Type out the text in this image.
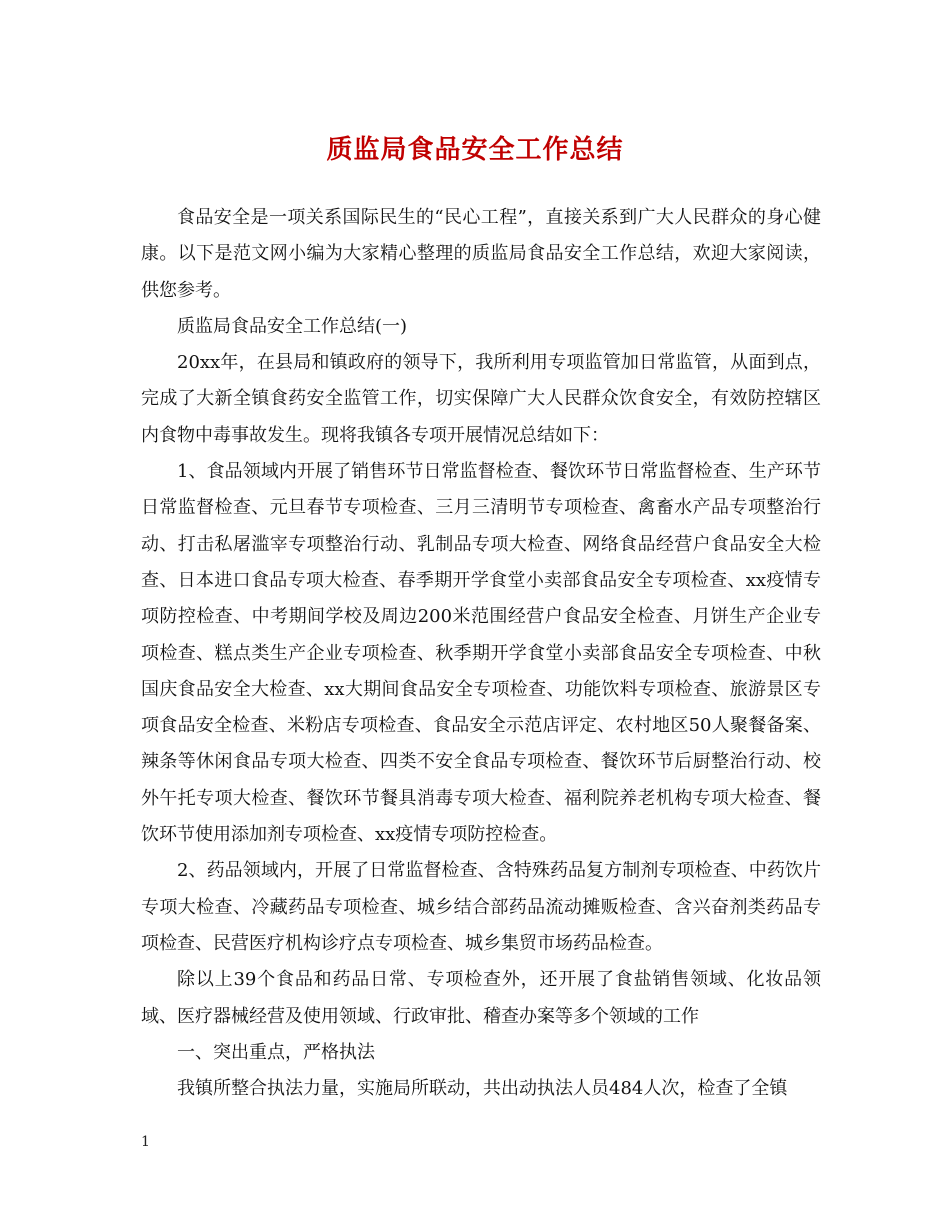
质监局食品安全工作总结

食品安全是一项关系国际民生的“民心工程”，直接关系到广大人民群众的身心健康。以下是范文网小编为大家精心整理的质监局食品安全工作总结，欢迎大家阅读，供您参考。

质监局食品安全工作总结(一)

20xx年，在县局和镇政府的领导下，我所利用专项监管加日常监管，从面到点，完成了大新全镇食药安全监管工作，切实保障广大人民群众饮食安全，有效防控辖区内食物中毒事故发生。现将我镇各专项开展情况总结如下：

1、食品领域内开展了销售环节日常监督检查、餐饮环节日常监督检查、生产环节日常监督检查、元旦春节专项检查、三月三清明节专项检查、禽畜水产品专项整治行动、打击私屠滥宰专项整治行动、乳制品专项大检查、网络食品经营户食品安全大检查、日本进口食品专项大检查、春季期开学食堂小卖部食品安全专项检查、xx疫情专项防控检查、中考期间学校及周边200米范围经营户食品安全检查、月饼生产企业专项检查、糕点类生产企业专项检查、秋季期开学食堂小卖部食品安全专项检查、中秋国庆食品安全大检查、xx大期间食品安全专项检查、功能饮料专项检查、旅游景区专项食品安全检查、米粉店专项检查、食品安全示范店评定、农村地区50人聚餐备案、辣条等休闲食品专项大检查、四类不安全食品专项检查、餐饮环节后厨整治行动、校外午托专项大检查、餐饮环节餐具消毒专项大检查、福利院养老机构专项大检查、餐饮环节使用添加剂专项检查、xx疫情专项防控检查。

2、药品领域内，开展了日常监督检查、含特殊药品复方制剂专项检查、中药饮片专项大检查、冷藏药品专项检查、城乡结合部药品流动摊贩检查、含兴奋剂类药品专项检查、民营医疗机构诊疗点专项检查、城乡集贸市场药品检查。

除以上39个食品和药品日常、专项检查外，还开展了食盐销售领域、化妆品领域、医疗器械经营及使用领域、行政审批、稽查办案等多个领域的工作

一、突出重点，严格执法

我镇所整合执法力量，实施局所联动，共出动执法人员484人次，检查了全镇

1
